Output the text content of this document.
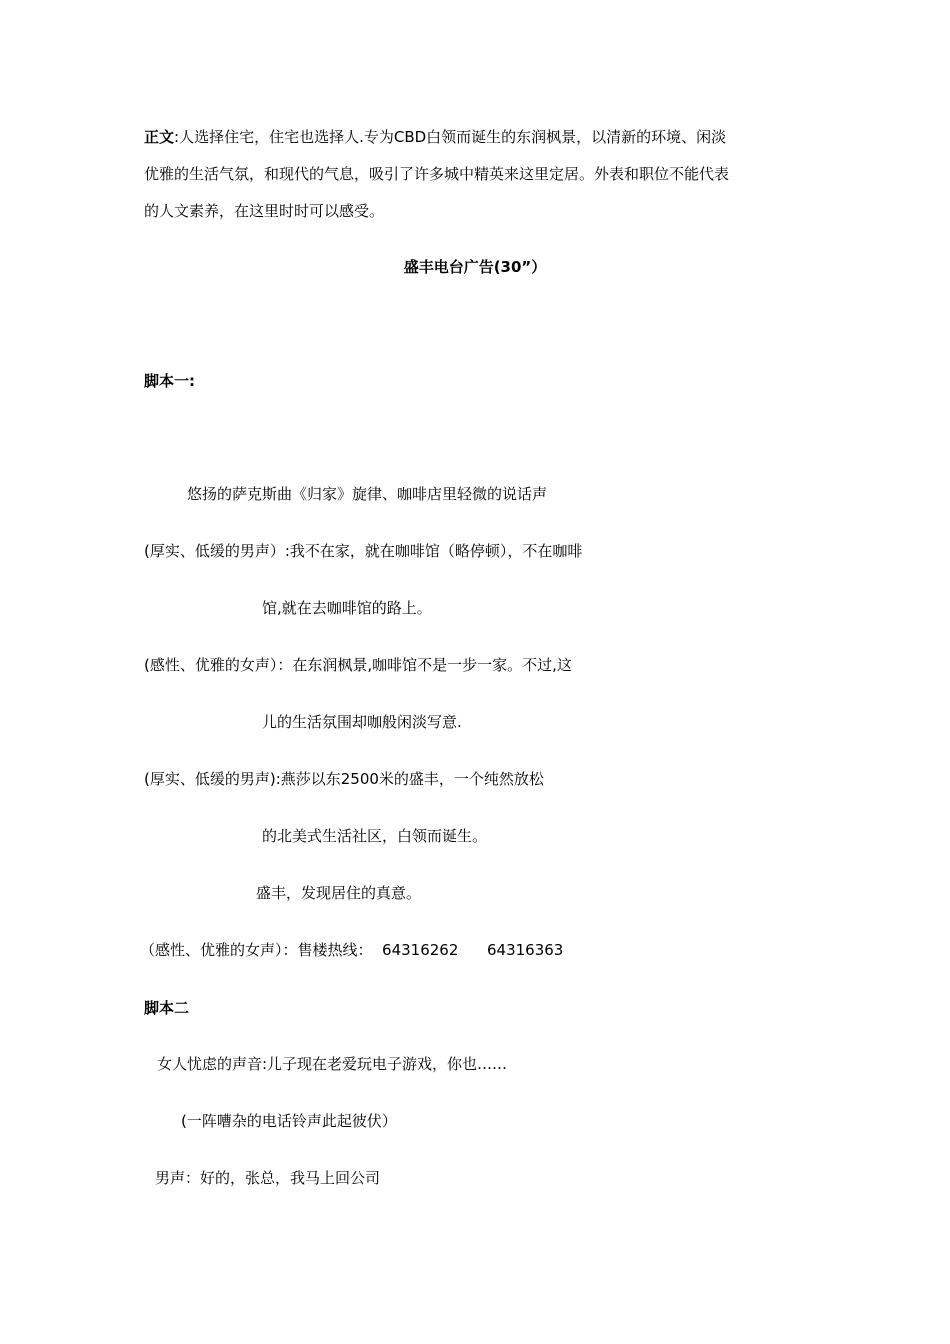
正文:人选择住宅，住宅也选择人.专为CBD白领而诞生的东润枫景，以清新的环境、闲淡
优雅的生活气氛，和现代的气息，吸引了许多城中精英来这里定居。外表和职位不能代表
的人文素养，在这里时时可以感受。
盛丰电台广告(30”）
脚本一:
悠扬的萨克斯曲《归家》旋律、咖啡店里轻微的说话声
(厚实、低缓的男声）:我不在家，就在咖啡馆（略停顿），不在咖啡
馆,就在去咖啡馆的路上。
(感性、优雅的女声）：在东润枫景,咖啡馆不是一步一家。不过,这
儿的生活氛围却咖般闲淡写意.
(厚实、低缓的男声):燕莎以东2500米的盛丰，一个纯然放松
的北美式生活社区，白领而诞生。
盛丰，发现居住的真意。
（感性、优雅的女声）：售楼热线：  64316262      64316363
脚本二
女人忧虑的声音:儿子现在老爱玩电子游戏，你也……
(一阵嘈杂的电话铃声此起彼伏）
男声：好的，张总，我马上回公司
